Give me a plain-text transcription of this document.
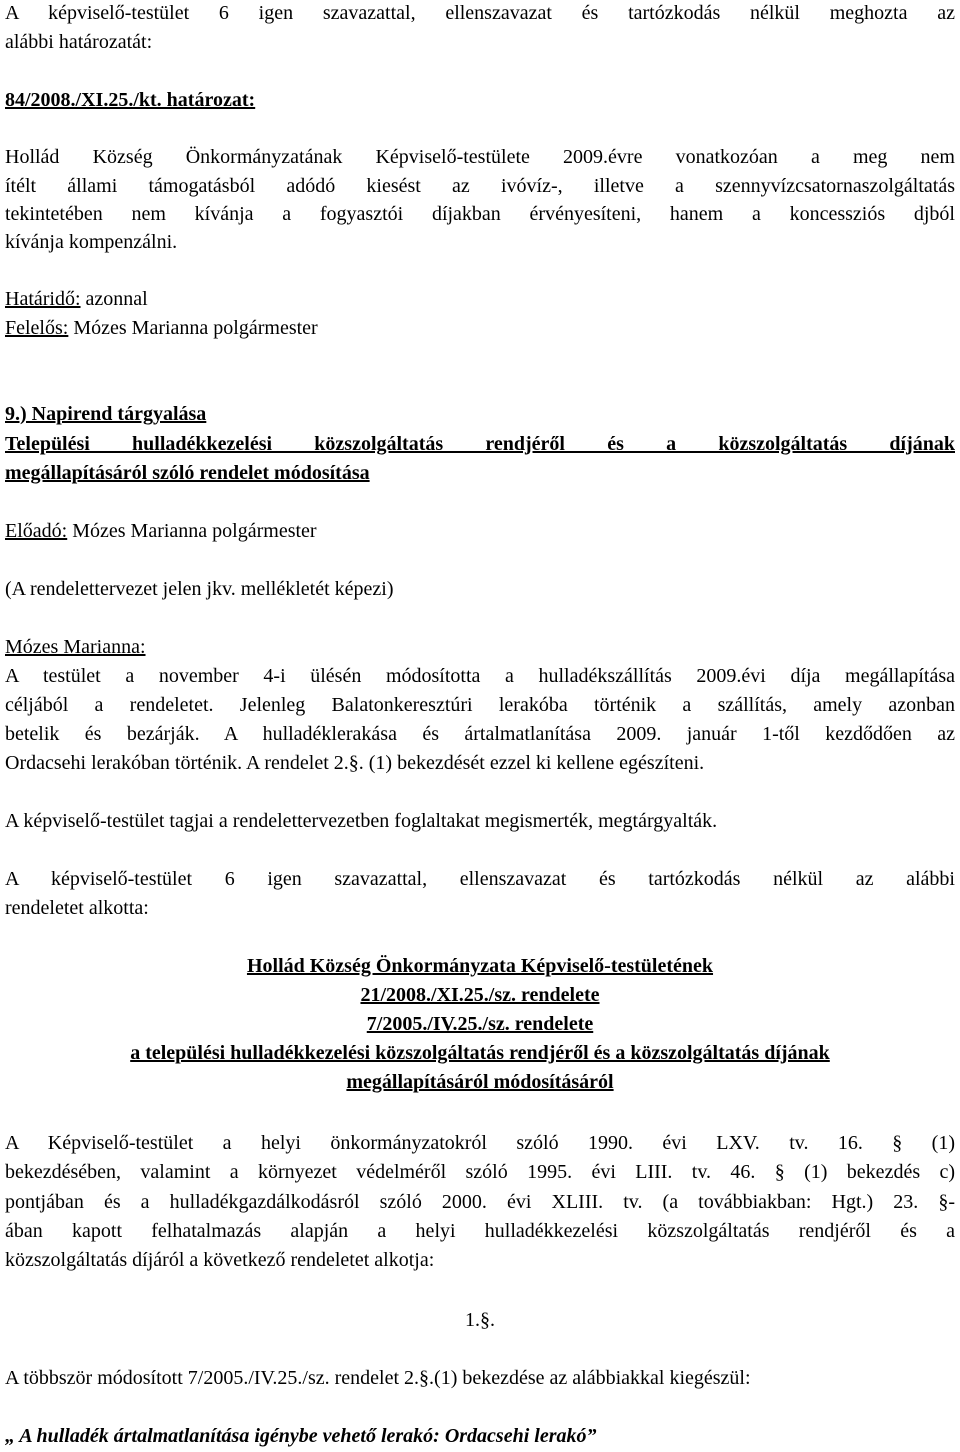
A képviselő-testület 6 igen szavazattal, ellenszavazat és tartózkodás nélkül meghozta az
alábbi határozatát:
84/2008./XI.25./kt. határozat:
Hollád Község Önkormányzatának Képviselő-testülete 2009.évre vonatkozóan a meg nem
ítélt állami támogatásból adódó kiesést az ivóvíz-, illetve a szennyvízcsatornaszolgáltatás
tekintetében nem kívánja a fogyasztói díjakban érvényesíteni, hanem a koncessziós djból
kívánja kompenzálni.
Határidő: azonnal
Felelős: Mózes Marianna polgármester
9.) Napirend tárgyalása
Települési hulladékkezelési közszolgáltatás rendjéről és a közszolgáltatás díjának
megállapításáról szóló rendelet módosítása
Előadó: Mózes Marianna polgármester
(A rendelettervezet jelen jkv. mellékletét képezi)
Mózes Marianna:
A testület a november 4-i ülésén módosította a hulladékszállítás 2009.évi díja megállapítása
céljából a rendeletet. Jelenleg Balatonkeresztúri lerakóba történik a szállítás, amely azonban
betelik és bezárják. A hulladéklerakása és ártalmatlanítása 2009. január 1-től kezdődően az
Ordacsehi lerakóban történik. A rendelet 2.§. (1) bekezdését ezzel ki kellene egészíteni.
A képviselő-testület tagjai a rendelettervezetben foglaltakat megismerték, megtárgyalták.
A képviselő-testület 6 igen szavazattal, ellenszavazat és tartózkodás nélkül az alábbi
rendeletet alkotta:
Hollád Község Önkormányzata Képviselő-testületének
21/2008./XI.25./sz. rendelete
7/2005./IV.25./sz. rendelete
a települési hulladékkezelési közszolgáltatás rendjéről és a közszolgáltatás díjának
megállapításáról módosításáról
A Képviselő-testület a helyi önkormányzatokról szóló 1990. évi LXV. tv. 16. § (1)
bekezdésében, valamint a környezet védelméről szóló 1995. évi LIII. tv. 46. § (1) bekezdés c)
pontjában és a hulladékgazdálkodásról szóló 2000. évi XLIII. tv. (a továbbiakban: Hgt.) 23. §-
ában kapott felhatalmazás alapján a helyi hulladékkezelési közszolgáltatás rendjéről és a
közszolgáltatás díjáról a következő rendeletet alkotja:
1.§.
A többször módosított 7/2005./IV.25./sz. rendelet 2.§.(1) bekezdése az alábbiakkal kiegészül:
„ A hulladék ártalmatlanítása igénybe vehető lerakó: Ordacsehi lerakó”
